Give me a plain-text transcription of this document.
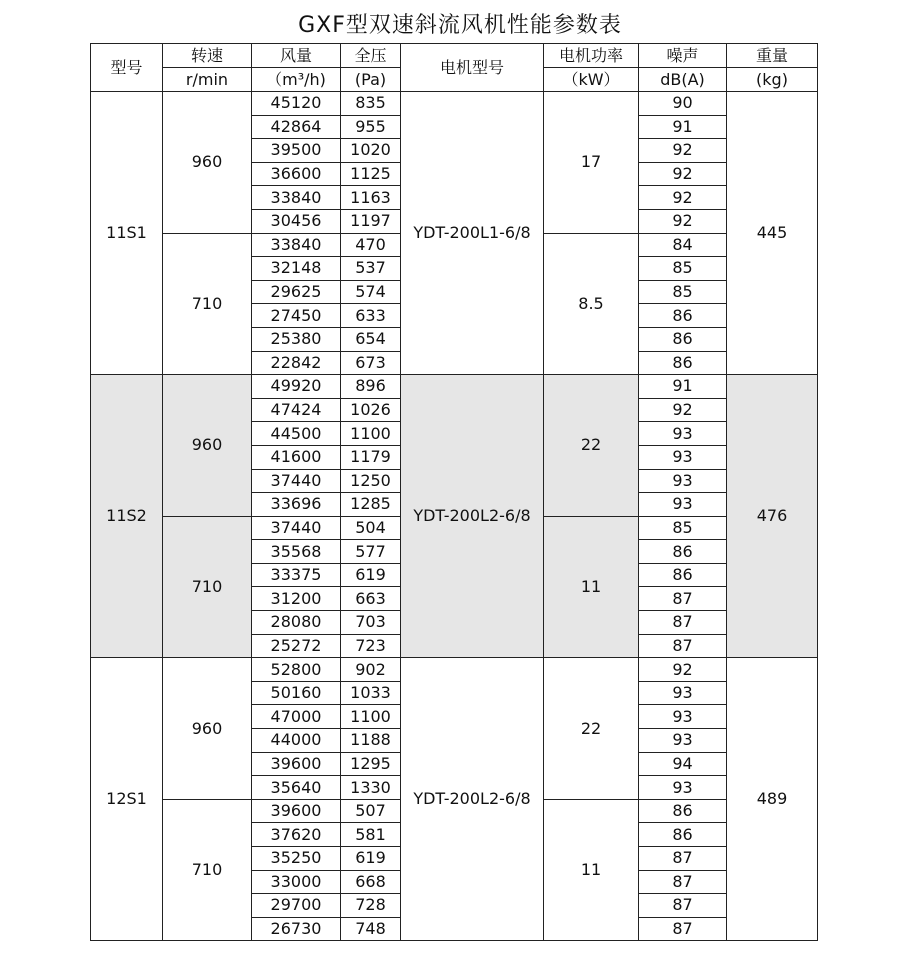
GXF型双速斜流风机性能参数表
型号	转速	风量	全压	电机型号	电机功率	噪声	重量
	r/min	（m³/h)	(Pa)		（kW）	dB(A)	(kg)
11S1	960	45120	835	YDT-200L1-6/8	17	90	445
		42864	955			91	
		39500	1020			92	
		36600	1125			92	
		33840	1163			92	
		30456	1197			92	
	710	33840	470		8.5	84	
		32148	537			85	
		29625	574			85	
		27450	633			86	
		25380	654			86	
		22842	673			86	
11S2	960	49920	896	YDT-200L2-6/8	22	91	476
		47424	1026			92	
		44500	1100			93	
		41600	1179			93	
		37440	1250			93	
		33696	1285			93	
	710	37440	504		11	85	
		35568	577			86	
		33375	619			86	
		31200	663			87	
		28080	703			87	
		25272	723			87	
12S1	960	52800	902	YDT-200L2-6/8	22	92	489
		50160	1033			93	
		47000	1100			93	
		44000	1188			93	
		39600	1295			94	
		35640	1330			93	
	710	39600	507		11	86	
		37620	581			86	
		35250	619			87	
		33000	668			87	
		29700	728			87	
		26730	748			87	
